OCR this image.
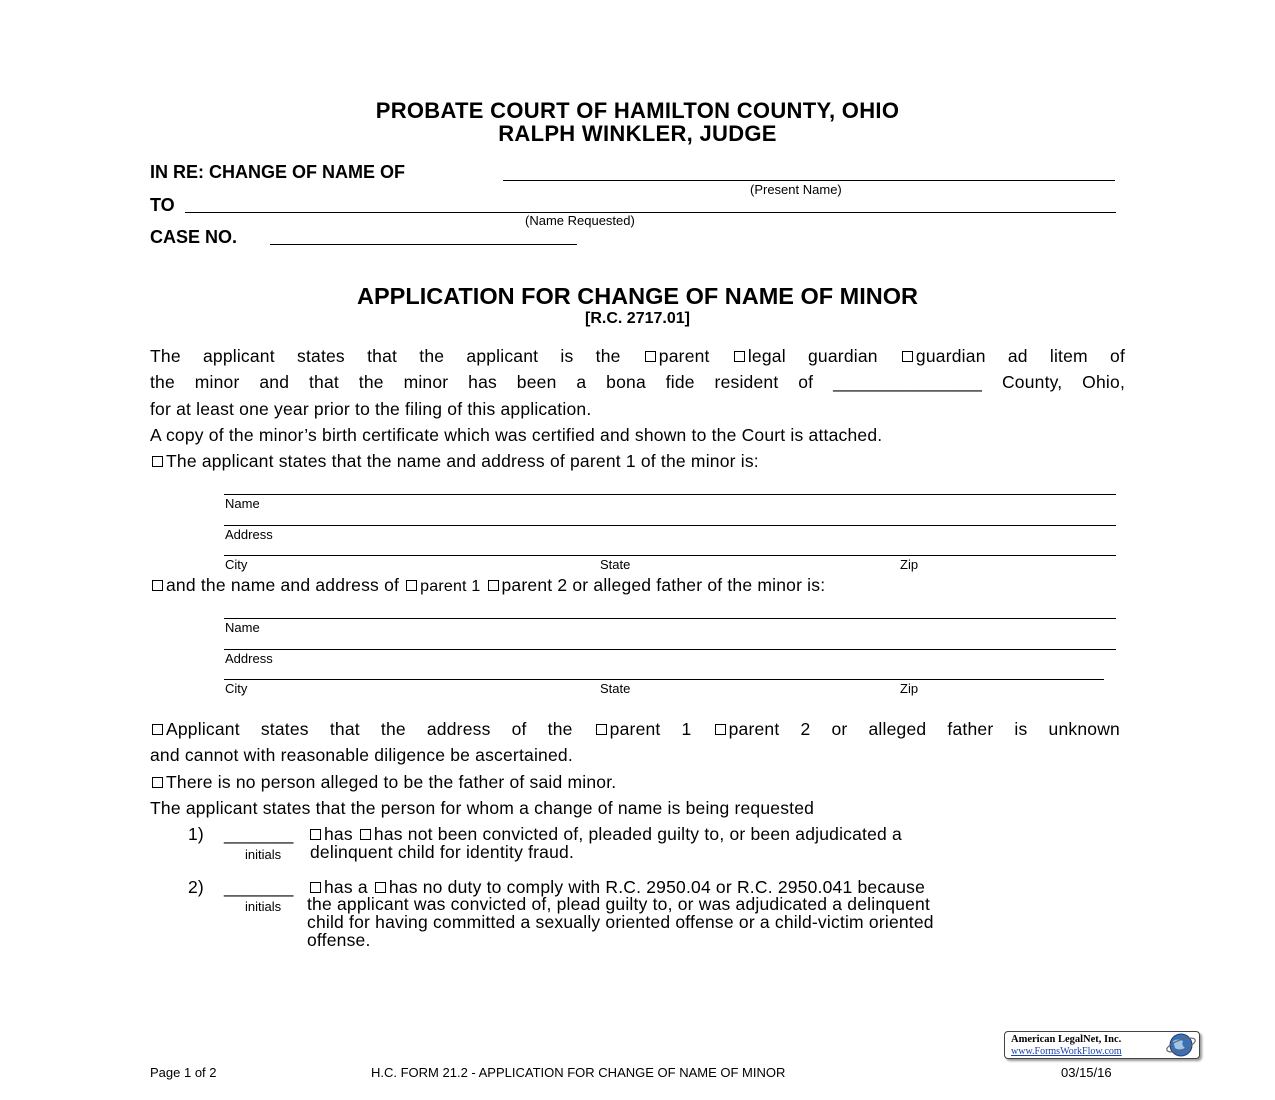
PROBATE COURT OF HAMILTON COUNTY, OHIO
RALPH WINKLER, JUDGE
IN RE: CHANGE OF NAME OF
(Present Name)
TO
(Name Requested)
CASE NO.
APPLICATION FOR CHANGE OF NAME OF MINOR
[R.C. 2717.01]
The applicant states that the applicant is the parent legal guardian guardian ad litem of
the minor and that the minor has been a bona fide resident of _______________ County, Ohio,
for at least one year prior to the filing of this application.
A copy of the minor’s birth certificate which was certified and shown to the Court is attached.
The applicant states that the name and address of parent 1 of the minor is:
Name
Address
City	State	Zip
and the name and address of parent 1 parent 2 or alleged father of the minor is:
Name
Address
City	State	Zip
Applicant states that the address of the parent 1 parent 2 or alleged father is unknown
and cannot with reasonable diligence be ascertained.
There is no person alleged to be the father of said minor.
The applicant states that the person for whom a change of name is being requested
1) _______
initials
has has not been convicted of, pleaded guilty to, or been adjudicated a
delinquent child for identity fraud.
2) _______
initials
has a has no duty to comply with R.C. 2950.04 or R.C. 2950.041 because
the applicant was convicted of, plead guilty to, or was adjudicated a delinquent
child for having committed a sexually oriented offense or a child-victim oriented
offense.
American LegalNet, Inc.
www.FormsWorkFlow.com
Page 1 of 2	H.C. FORM 21.2 - APPLICATION FOR CHANGE OF NAME OF MINOR	03/15/16
